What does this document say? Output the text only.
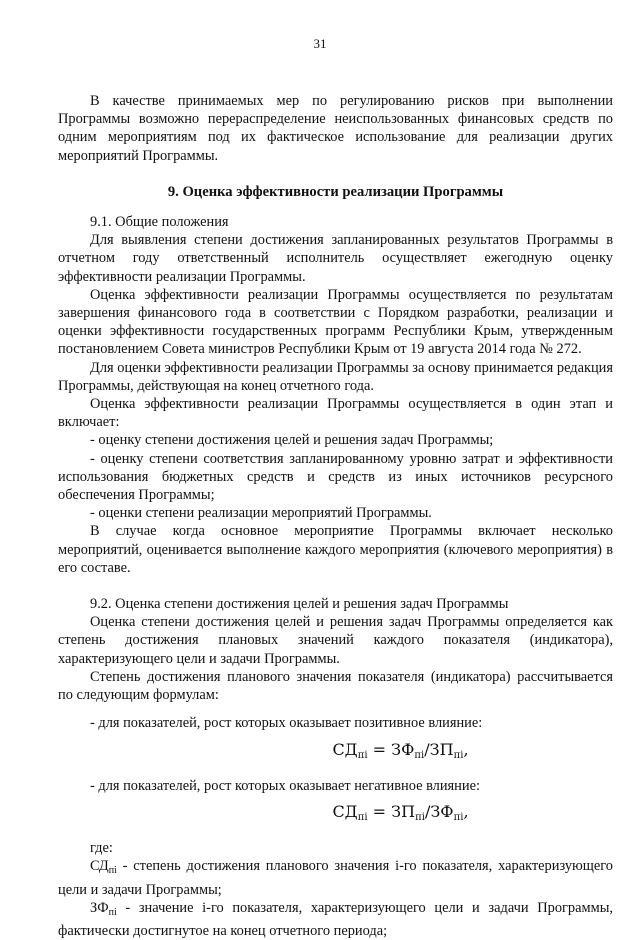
31

В качестве принимаемых мер по регулированию рисков при выполнении Программы возможно перераспределение неиспользованных финансовых средств по одним мероприятиям под их фактическое использование для реализации других мероприятий Программы.

9. Оценка эффективности реализации Программы

9.1. Общие положения

Для выявления степени достижения запланированных результатов Программы в отчетном году ответственный исполнитель осуществляет ежегодную оценку эффективности реализации Программы.

Оценка эффективности реализации Программы осуществляется по результатам завершения финансового года в соответствии с Порядком разработки, реализации и оценки эффективности государственных программ Республики Крым, утвержденным постановлением Совета министров Республики Крым от 19 августа 2014 года № 272.

Для оценки эффективности реализации Программы за основу принимается редакция Программы, действующая на конец отчетного года.

Оценка эффективности реализации Программы осуществляется в один этап и включает:

- оценку степени достижения целей и решения задач Программы;

- оценку степени соответствия запланированному уровню затрат и эффективности использования бюджетных средств и средств из иных источников ресурсного обеспечения Программы;

- оценки степени реализации мероприятий Программы.

В случае когда основное мероприятие Программы включает несколько мероприятий, оценивается выполнение каждого мероприятия (ключевого мероприятия) в его составе.

9.2. Оценка степени достижения целей и решения задач Программы

Оценка степени достижения целей и решения задач Программы определяется как степень достижения плановых значений каждого показателя (индикатора), характеризующего цели и задачи Программы.

Степень достижения планового значения показателя (индикатора) рассчитывается по следующим формулам:

- для показателей, рост которых оказывает позитивное влияние:

$СД_{пi} = ЗФ_{пi}/ЗП_{пi}$,

- для показателей, рост которых оказывает негативное влияние:

$СД_{пi} = ЗП_{пi}/ЗФ_{пi}$,

где:

$СД_{пi}$ - степень достижения планового значения i-го показателя, характеризующего цели и задачи Программы;

$ЗФ_{пi}$ - значение i-го показателя, характеризующего цели и задачи Программы, фактически достигнутое на конец отчетного периода;
